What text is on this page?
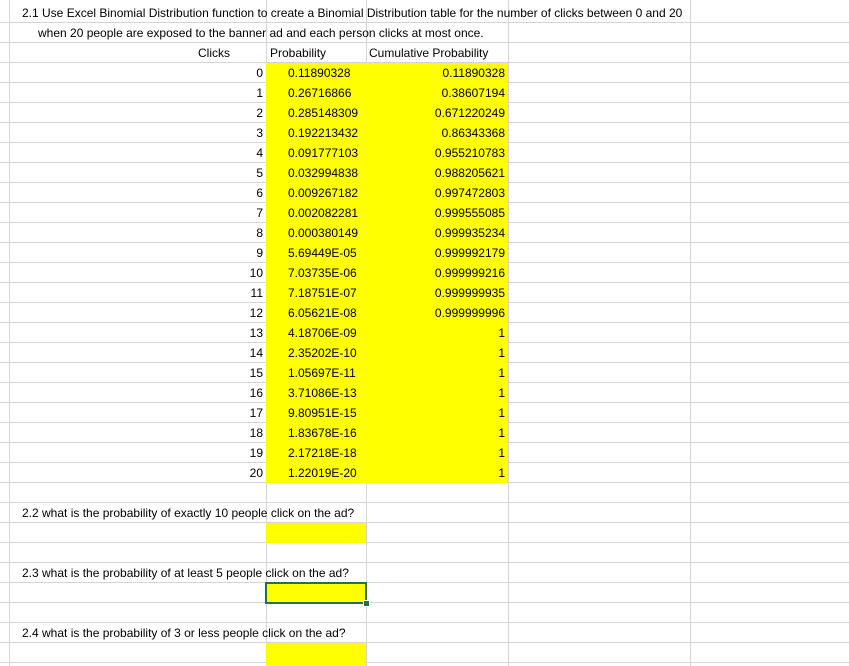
2.1 Use Excel Binomial Distribution function to create a Binomial Distribution table for the number of clicks between 0 and 20
when 20 people are exposed to the banner ad and each person clicks at most once.
Clicks	Probability	Cumulative Probability
0 0.11890328	0.11890328
1 0.26716866	0.38607194
2 0.285148309	0.671220249
3 0.192213432	0.86343368
4 0.091777103	0.955210783
5 0.032994838	0.988205621
6 0.009267182	0.997472803
7 0.002082281	0.999555085
8 0.000380149	0.999935234
9 5.69449E-05	0.999992179
10 7.03735E-06	0.999999216
11 7.18751E-07	0.999999935
12 6.05621E-08	0.999999996
13 4.18706E-09	1
14 2.35202E-10	1
15 1.05697E-11	1
16 3.71086E-13	1
17 9.80951E-15	1
18 1.83678E-16	1
19 2.17218E-18	1
20 1.22019E-20	1
2.2 what is the probability of exactly 10 people click on the ad?
2.3 what is the probability of at least 5 people click on the ad?
2.4 what is the probability of 3 or less people click on the ad?
